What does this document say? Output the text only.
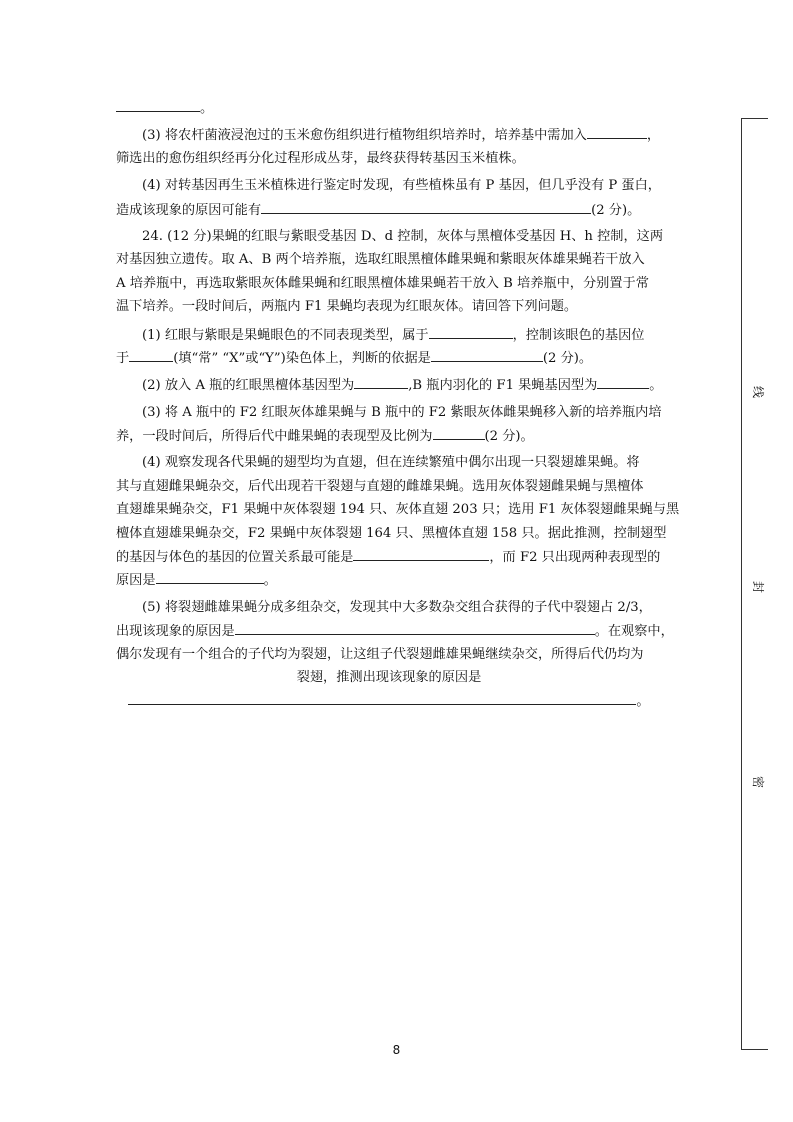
。
(3) 将农杆菌液浸泡过的玉米愈伤组织进行植物组织培养时，培养基中需加入	，
筛选出的愈伤组织经再分化过程形成丛芽，最终获得转基因玉米植株。
(4) 对转基因再生玉米植株进行鉴定时发现，有些植株虽有 P 基因，但几乎没有 P 蛋白，
造成该现象的原因可能有	(2 分)。
24. (12 分)果蝇的红眼与紫眼受基因 D、d 控制，灰体与黑檀体受基因 H、h 控制，这两
对基因独立遗传。取 A、B 两个培养瓶，选取红眼黑檀体雌果蝇和紫眼灰体雄果蝇若干放入
A 培养瓶中，再选取紫眼灰体雌果蝇和红眼黑檀体雄果蝇若干放入 B 培养瓶中，分别置于常
温下培养。一段时间后，两瓶内 F1 果蝇均表现为红眼灰体。请回答下列问题。
(1) 红眼与紫眼是果蝇眼色的不同表现类型，属于	，控制该眼色的基因位
于	(填“常” “X”或“Y”)染色体上，判断的依据是	(2 分)。
(2) 放入 A 瓶的红眼黑檀体基因型为	,B 瓶内羽化的 F1 果蝇基因型为	。
(3) 将 A 瓶中的 F2 红眼灰体雄果蝇与 B 瓶中的 F2 紫眼灰体雌果蝇移入新的培养瓶内培
养，一段时间后，所得后代中雌果蝇的表现型及比例为	(2 分)。
(4) 观察发现各代果蝇的翅型均为直翅，但在连续繁殖中偶尔出现一只裂翅雄果蝇。将
其与直翅雌果蝇杂交，后代出现若干裂翅与直翅的雌雄果蝇。选用灰体裂翅雌果蝇与黑檀体
直翅雄果蝇杂交，F1 果蝇中灰体裂翅 194 只、灰体直翅 203 只；选用 F1 灰体裂翅雌果蝇与黑
檀体直翅雄果蝇杂交，F2 果蝇中灰体裂翅 164 只、黑檀体直翅 158 只。据此推测，控制翅型
的基因与体色的基因的位置关系最可能是	，而 F2 只出现两种表现型的
原因是	。
(5) 将裂翅雌雄果蝇分成多组杂交，发现其中大多数杂交组合获得的子代中裂翅占 2/3，
出现该现象的原因是	。在观察中，
偶尔发现有一个组合的子代均为裂翅，让这组子代裂翅雌雄果蝇继续杂交，所得后代仍均为
裂翅，推测出现该现象的原因是
。
线
封
密
8
